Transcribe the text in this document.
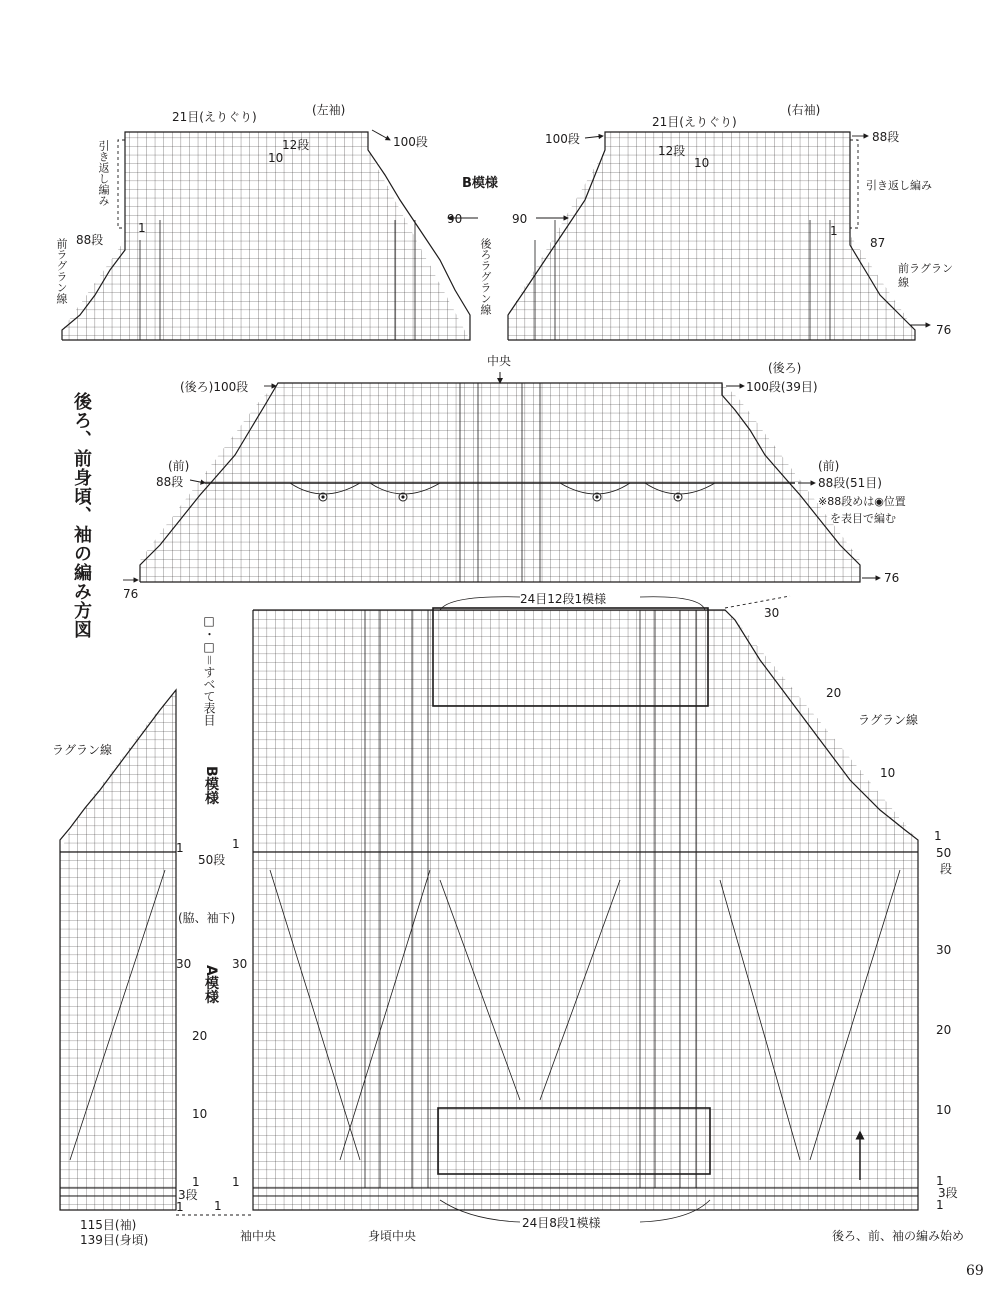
(左袖)	(右袖)
21目(えりぐり)	21目(えりぐり)
100段	100段	88段
12段	12段
10	10
90	90
88段	87
76
1	1
引き返し編み	引き返し編み
B模様
前ラグラン線	後ろラグラン線	前ラグラン線
中央
(後ろ)100段
(後ろ)
100段(39目)
(前)
88段
(前)
88段(51目)
※88段めは◉位置
を表目で編む
76
76
後ろ、前身頃、袖の編み方図	24目12段1模様
24目8段1模様
□・□＝すべて表目
B模様
A模様
ラグラン線
ラグラン線
30
20
10
1
50
段
30
20
10
1
3段
1
1
50段
(脇、袖下)
30	30
20
10
1	1
3段
1
1
1
115目(袖)
139目(身頃)	袖中央	身頃中央	後ろ、前、袖の編み始め
69
